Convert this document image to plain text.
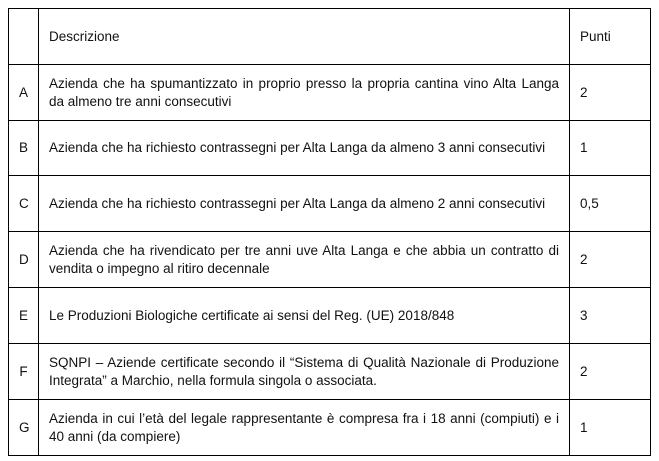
	Descrizione	Punti
A	Azienda che ha spumantizzato in proprio presso la propria cantina vino Alta Langa da almeno tre anni consecutivi	2
B	Azienda che ha richiesto contrassegni per Alta Langa da almeno 3 anni consecutivi	1
C	Azienda che ha richiesto contrassegni per Alta Langa da almeno 2 anni consecutivi	0,5
D	Azienda che ha rivendicato per tre anni uve Alta Langa e che abbia un contratto di vendita o impegno al ritiro decennale	2
E	Le Produzioni Biologiche certificate ai sensi del Reg. (UE) 2018/848	3
F	SQNPI – Aziende certificate secondo il “Sistema di Qualità Nazionale di Produzione Integrata” a Marchio, nella formula singola o associata.	2
G	Azienda in cui l’età del legale rappresentante è compresa fra i 18 anni (compiuti) e i 40 anni (da compiere)	1
